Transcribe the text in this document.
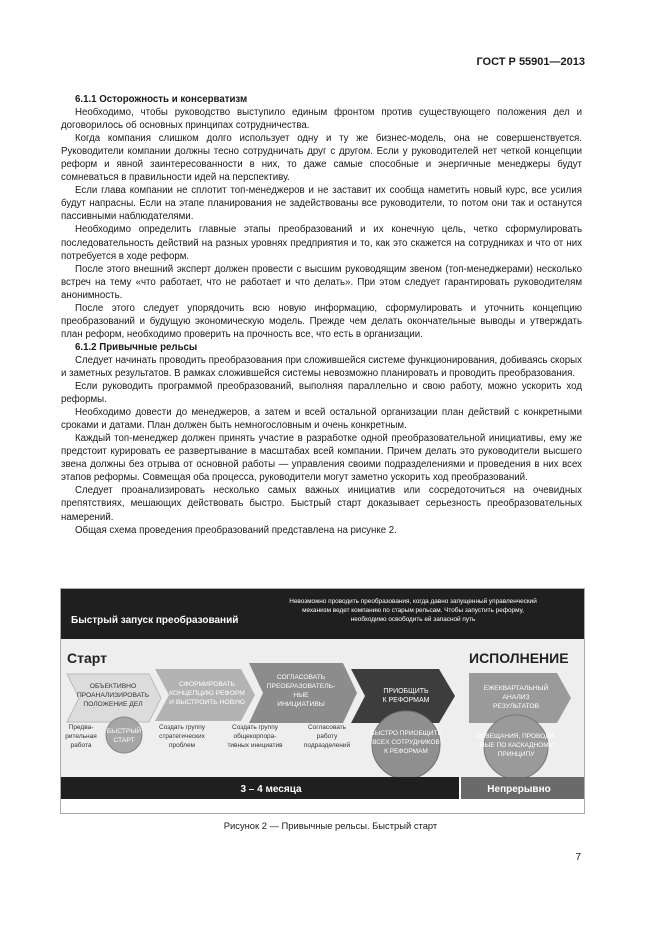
ГОСТ Р 55901—2013
6.1.1 Осторожность и консерватизм

Необходимо, чтобы руководство выступило единым фронтом против существующего положения дел и договорилось об основных принципах сотрудничества.

Когда компания слишком долго использует одну и ту же бизнес-модель, она не совершенствуется. Руководители компании должны тесно сотрудничать друг с другом. Если у руководителей нет четкой концепции реформ и явной заинтересованности в них, то даже самые способные и энергичные менеджеры будут сомневаться в правильности идей на перспективу.

Если глава компании не сплотит топ-менеджеров и не заставит их сообща наметить новый курс, все усилия будут напрасны. Если на этапе планирования не задействованы все руководители, то потом они так и останутся пассивными наблюдателями.

Необходимо определить главные этапы преобразований и их конечную цель, четко сформулировать последовательность действий на разных уровнях предприятия и то, как это скажется на сотрудниках и что от них потребуется в ходе реформ.

После этого внешний эксперт должен провести с высшим руководящим звеном (топ-менеджерами) несколько встреч на тему «что работает, что не работает и что делать». При этом следует гарантировать руководителям анонимность.

После этого следует упорядочить всю новую информацию, сформулировать и уточнить концепцию преобразований и будущую экономическую модель. Прежде чем делать окончательные выводы и утверждать план реформ, необходимо проверить на прочность все, что есть в организации.

6.1.2 Привычные рельсы

Следует начинать проводить преобразования при сложившейся системе функционирования, добиваясь скорых и заметных результатов. В рамках сложившейся системы невозможно планировать и проводить преобразования.

Если руководить программой преобразований, выполняя параллельно и свою работу, можно ускорить ход реформы.

Необходимо довести до менеджеров, а затем и всей остальной организации план действий с конкретными сроками и датами. План должен быть немногословным и очень конкретным.

Каждый топ-менеджер должен принять участие в разработке одной преобразовательной инициативы, ему же предстоит курировать ее развертывание в масштабах всей компании. Причем делать это руководители высшего звена должны без отрыва от основной работы — управления своими подразделениями и проведения в них всех этапов реформы. Совмещая оба процесса, руководители могут заметно ускорить ход преобразований.

Следует проанализировать несколько самых важных инициатив или сосредоточиться на очевидных препятствиях, мешающих действовать быстро. Быстрый старт доказывает серьезность преобразовательных намерений.

Общая схема проведения преобразований представлена на рисунке 2.

Быстрый запуск преобразований
Невозможно проводить преобразования, когда давно запущенный управленческий
механизм ведет компанию по старым рельсам. Чтобы запустить реформу,
необходимо освободить ей запасной путь
Старт	ИСПОЛНЕНИЕ
ОБЪЕКТИВНО
ПРОАНАЛИЗИРОВАТЬ
ПОЛОЖЕНИЕ ДЕЛ
СФОРМИРОВАТЬ
КОНЦЕПЦИЮ РЕФОРМ
И ВЫСТРОИТЬ НОВУЮ
СОГЛАСОВАТЬ
ПРЕОБРАЗОВАТЕЛЬ-
НЫЕ
ИНИЦИАТИВЫ
ПРИОБЩИТЬ
К РЕФОРМАМ
ЕЖЕКВАРТАЛЬНЫЙ
АНАЛИЗ
РЕЗУЛЬТАТОВ
Предва-
рительная
работа
БЫСТРЫЙ
СТАРТ
Создать группу
стратегических
проблем
Создать группу
общекорпора-
тивных инициатив
Согласовать
работу
подразделений
БЫСТРО ПРИОБЩИТЬ
ВСЕХ СОТРУДНИКОВ
К РЕФОРМАМ
СОВЕЩАНИЯ, ПРОВОДИ-
МЫЕ ПО КАСКАДНОМУ
ПРИНЦИПУ
3 – 4 месяца	Непрерывно
Рисунок 2 — Привычные рельсы. Быстрый старт
7
